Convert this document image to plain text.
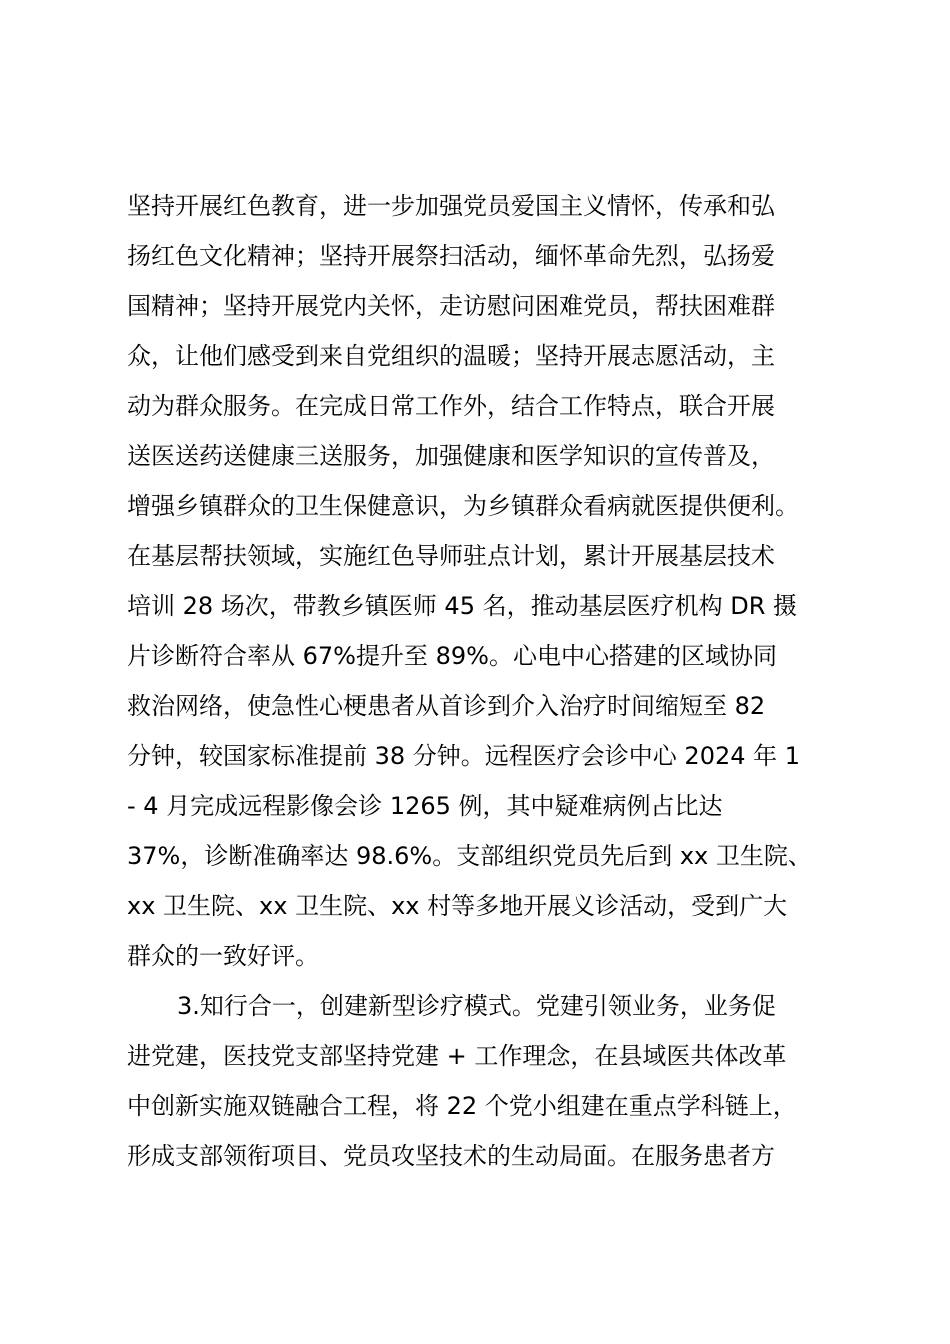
坚持开展红色教育，进一步加强党员爱国主义情怀，传承和弘
扬红色文化精神；坚持开展祭扫活动，缅怀革命先烈，弘扬爱
国精神；坚持开展党内关怀，走访慰问困难党员，帮扶困难群
众，让他们感受到来自党组织的温暖；坚持开展志愿活动，主
动为群众服务。在完成日常工作外，结合工作特点，联合开展
送医送药送健康三送服务，加强健康和医学知识的宣传普及，
增强乡镇群众的卫生保健意识，为乡镇群众看病就医提供便利。
在基层帮扶领域，实施红色导师驻点计划，累计开展基层技术
培训 28 场次，带教乡镇医师 45 名，推动基层医疗机构 DR 摄
片诊断符合率从 67%提升至 89%。心电中心搭建的区域协同
救治网络，使急性心梗患者从首诊到介入治疗时间缩短至 82
分钟，较国家标准提前 38 分钟。远程医疗会诊中心 2024 年 1
- 4 月完成远程影像会诊 1265 例，其中疑难病例占比达
37%，诊断准确率达 98.6%。支部组织党员先后到 xx 卫生院、
xx 卫生院、xx 卫生院、xx 村等多地开展义诊活动，受到广大
群众的一致好评。
3.知行合一，创建新型诊疗模式。党建引领业务，业务促
进党建，医技党支部坚持党建 + 工作理念，在县域医共体改革
中创新实施双链融合工程，将 22 个党小组建在重点学科链上，
形成支部领衔项目、党员攻坚技术的生动局面。在服务患者方
